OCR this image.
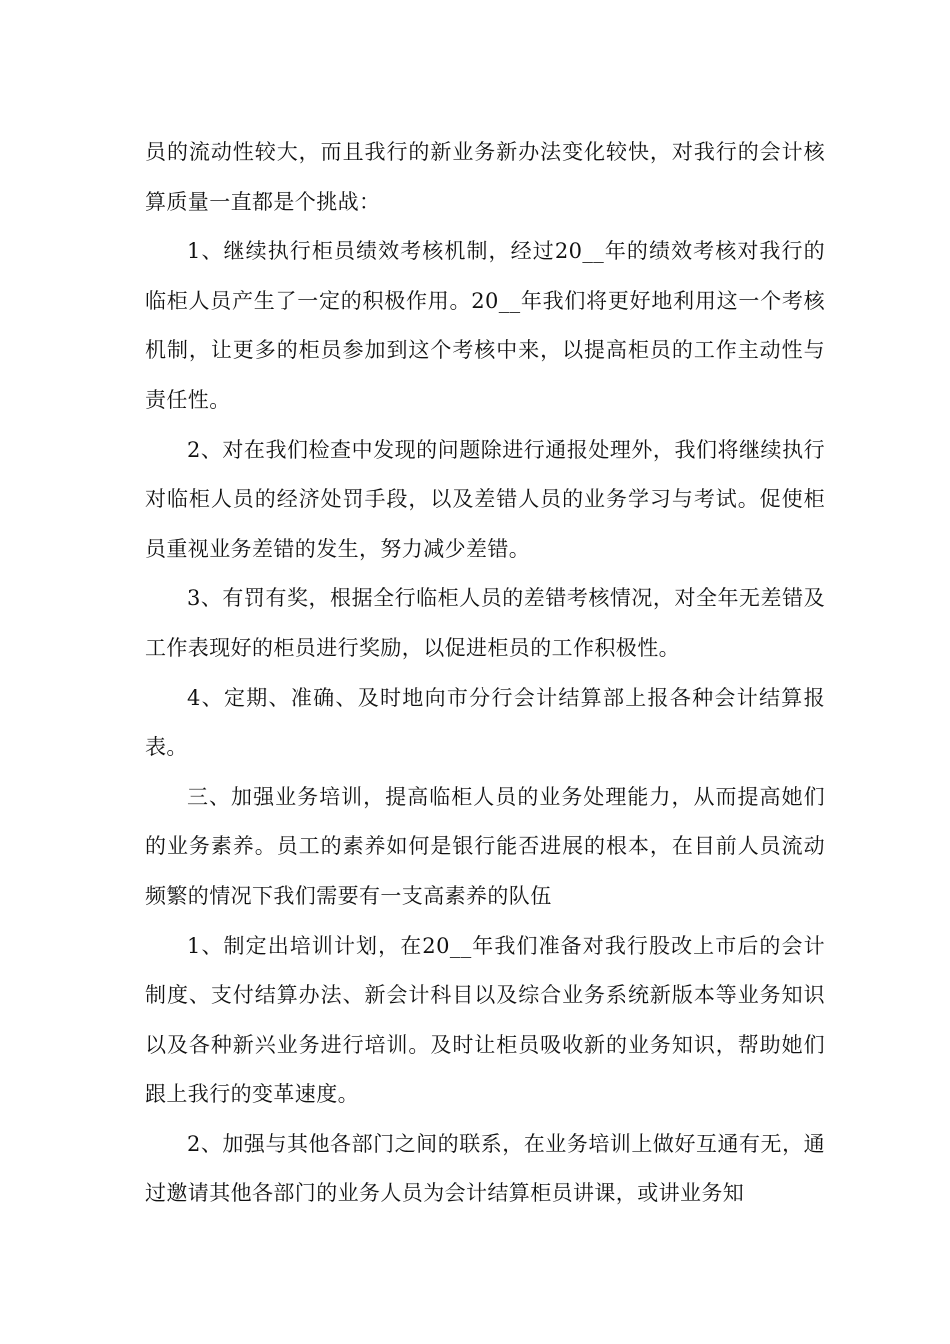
员的流动性较大，而且我行的新业务新办法变化较快，对我行的会计核算质量一直都是个挑战：

1、继续执行柜员绩效考核机制，经过20__年的绩效考核对我行的临柜人员产生了一定的积极作用。20__年我们将更好地利用这一个考核机制，让更多的柜员参加到这个考核中来，以提高柜员的工作主动性与责任性。

2、对在我们检查中发现的问题除进行通报处理外，我们将继续执行对临柜人员的经济处罚手段，以及差错人员的业务学习与考试。促使柜员重视业务差错的发生，努力减少差错。

3、有罚有奖，根据全行临柜人员的差错考核情况，对全年无差错及工作表现好的柜员进行奖励，以促进柜员的工作积极性。

4、定期、准确、及时地向市分行会计结算部上报各种会计结算报表。

三、加强业务培训，提高临柜人员的业务处理能力，从而提高她们的业务素养。员工的素养如何是银行能否进展的根本，在目前人员流动频繁的情况下我们需要有一支高素养的队伍

1、制定出培训计划，在20__年我们准备对我行股改上市后的会计制度、支付结算办法、新会计科目以及综合业务系统新版本等业务知识以及各种新兴业务进行培训。及时让柜员吸收新的业务知识，帮助她们跟上我行的变革速度。

2、加强与其他各部门之间的联系，在业务培训上做好互通有无，通过邀请其他各部门的业务人员为会计结算柜员讲课，或讲业务知
